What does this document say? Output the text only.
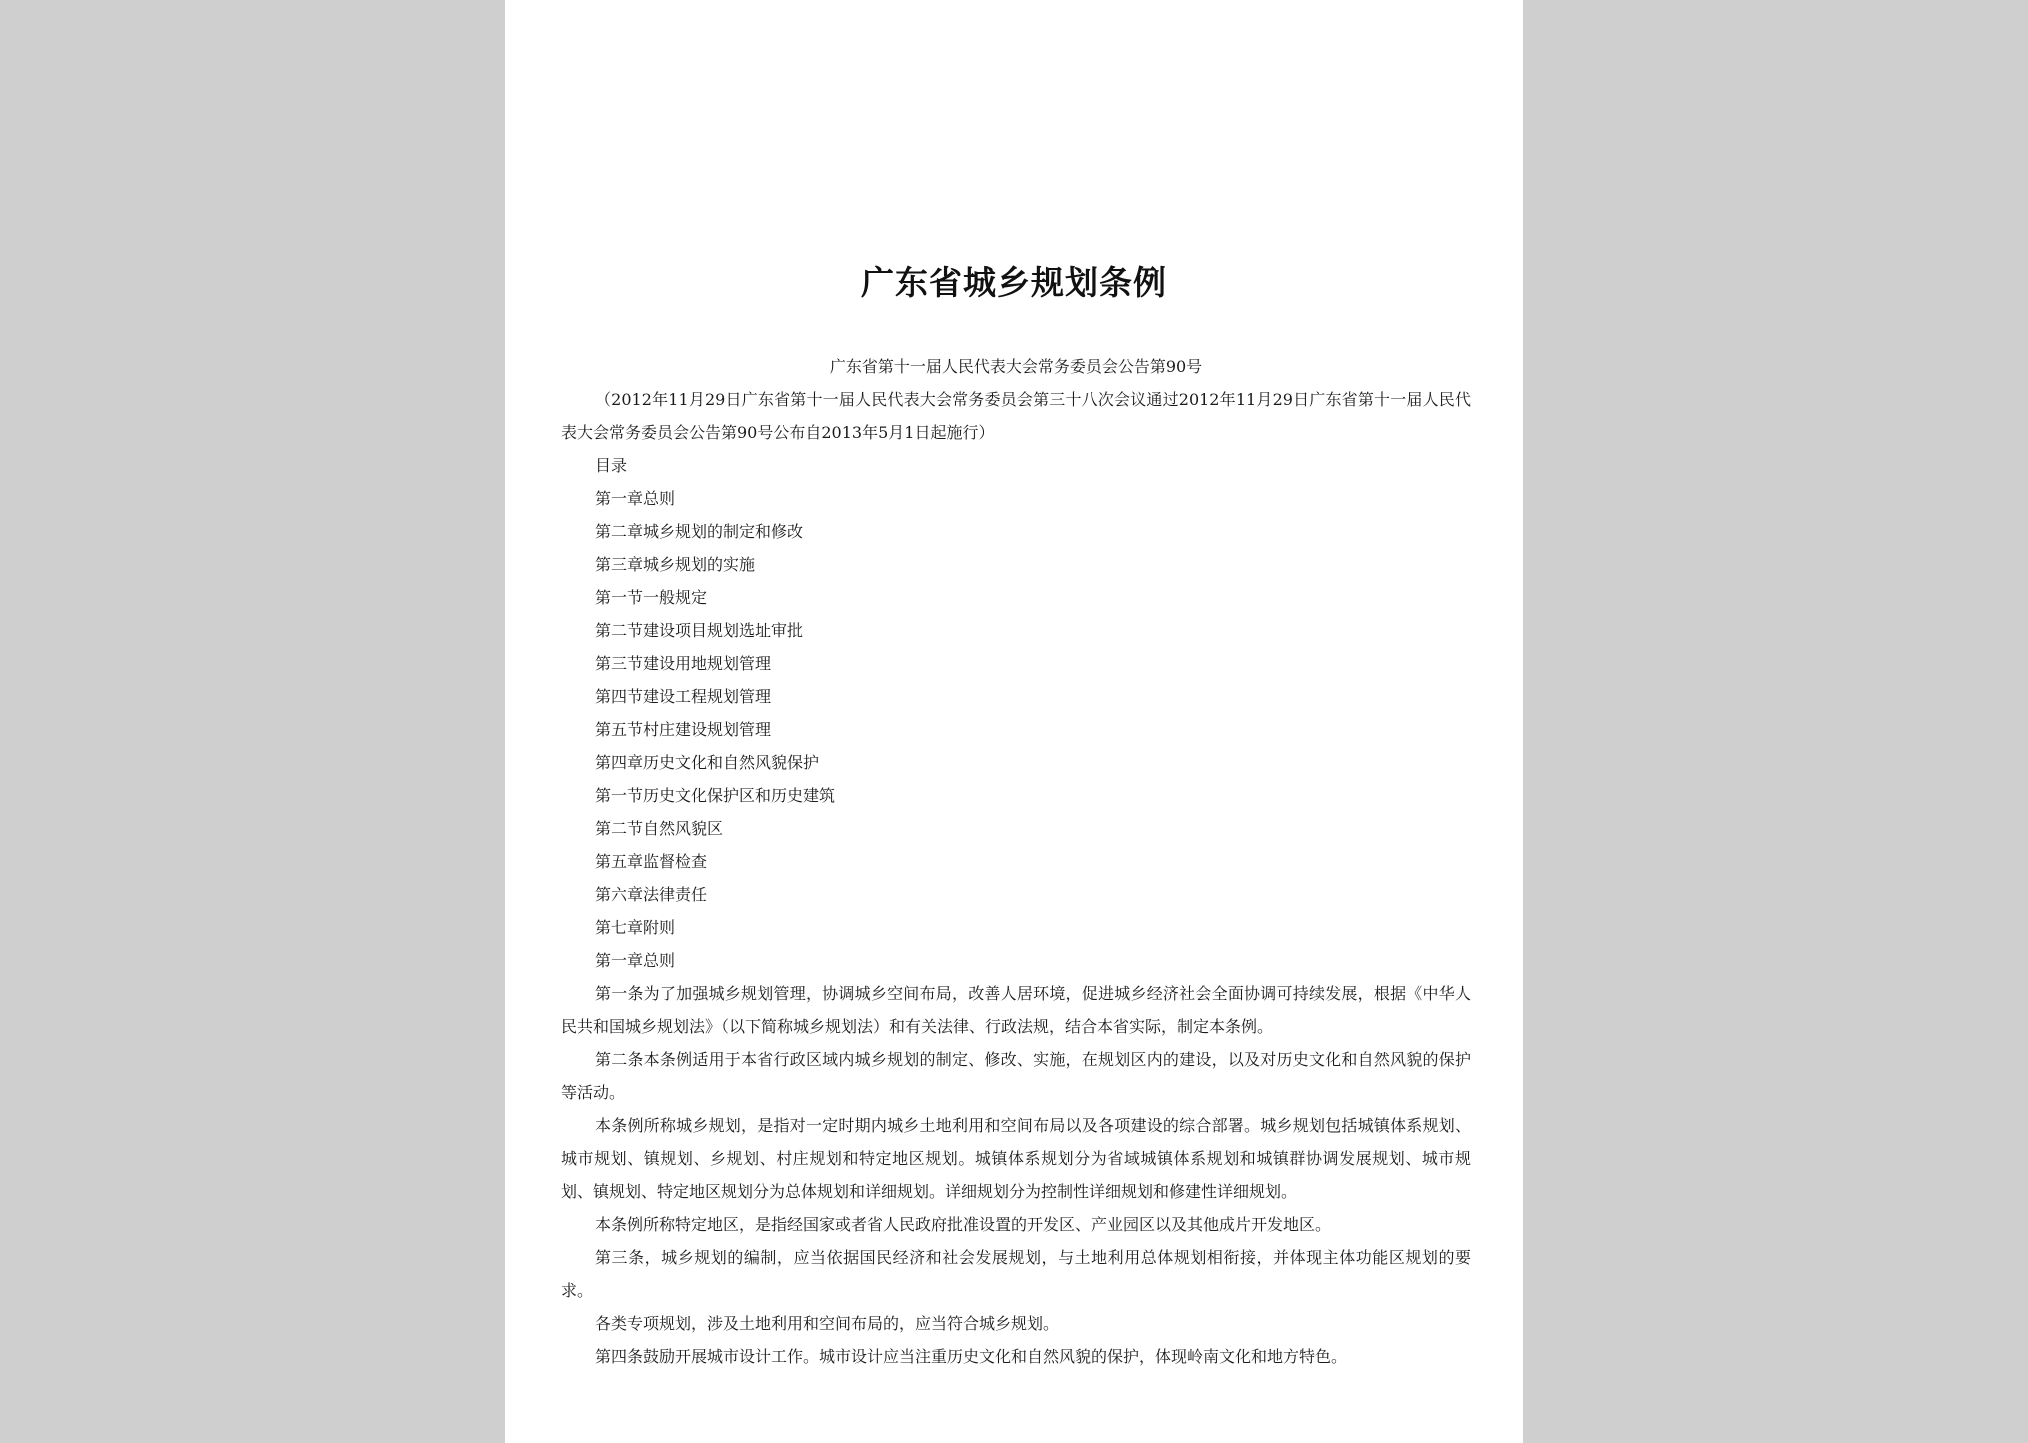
广东省城乡规划条例

广东省第十一届人民代表大会常务委员会公告第90号

（2012年11月29日广东省第十一届人民代表大会常务委员会第三十八次会议通过2012年11月29日广东省第十一届人民代表大会常务委员会公告第90号公布自2013年5月1日起施行）

目录

第一章总则

第二章城乡规划的制定和修改

第三章城乡规划的实施

第一节一般规定

第二节建设项目规划选址审批

第三节建设用地规划管理

第四节建设工程规划管理

第五节村庄建设规划管理

第四章历史文化和自然风貌保护

第一节历史文化保护区和历史建筑

第二节自然风貌区

第五章监督检查

第六章法律责任

第七章附则

第一章总则

第一条为了加强城乡规划管理，协调城乡空间布局，改善人居环境，促进城乡经济社会全面协调可持续发展，根据《中华人民共和国城乡规划法》（以下简称城乡规划法）和有关法律、行政法规，结合本省实际，制定本条例。

第二条本条例适用于本省行政区域内城乡规划的制定、修改、实施，在规划区内的建设，以及对历史文化和自然风貌的保护等活动。

本条例所称城乡规划，是指对一定时期内城乡土地利用和空间布局以及各项建设的综合部署。城乡规划包括城镇体系规划、城市规划、镇规划、乡规划、村庄规划和特定地区规划。城镇体系规划分为省域城镇体系规划和城镇群协调发展规划、城市规划、镇规划、特定地区规划分为总体规划和详细规划。详细规划分为控制性详细规划和修建性详细规划。

本条例所称特定地区，是指经国家或者省人民政府批准设置的开发区、产业园区以及其他成片开发地区。

第三条，城乡规划的编制，应当依据国民经济和社会发展规划，与土地利用总体规划相衔接，并体现主体功能区规划的要求。

各类专项规划，涉及土地利用和空间布局的，应当符合城乡规划。

第四条鼓励开展城市设计工作。城市设计应当注重历史文化和自然风貌的保护，体现岭南文化和地方特色。
